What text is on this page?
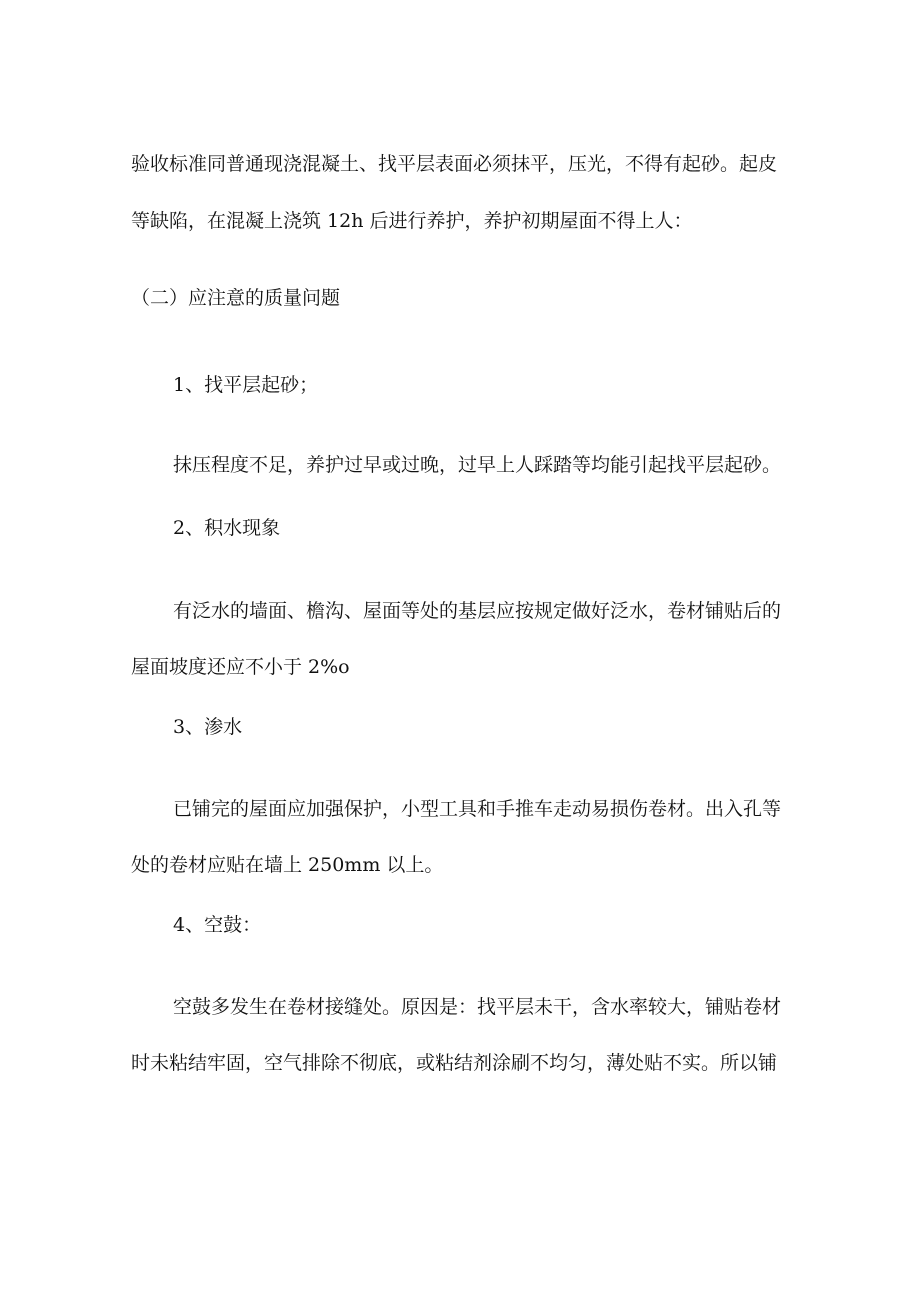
验收标准同普通现浇混凝土、找平层表面必须抹平，压光，不得有起砂。起皮
等缺陷，在混凝上浇筑 12h 后进行养护，养护初期屋面不得上人：
（二）应注意的质量问题
1、找平层起砂；
抹压程度不足，养护过早或过晚，过早上人踩踏等均能引起找平层起砂。
2、积水现象
有泛水的墙面、檐沟、屋面等处的基层应按规定做好泛水，卷材铺贴后的
屋面坡度还应不小于 2%o
3、渗水
已铺完的屋面应加强保护，小型工具和手推车走动易损伤卷材。出入孔等
处的卷材应贴在墙上 250mm 以上。
4、空鼓：
空鼓多发生在卷材接缝处。原因是：找平层未干，含水率较大，铺贴卷材
时未粘结牢固，空气排除不彻底，或粘结剂涂刷不均匀，薄处贴不实。所以铺
